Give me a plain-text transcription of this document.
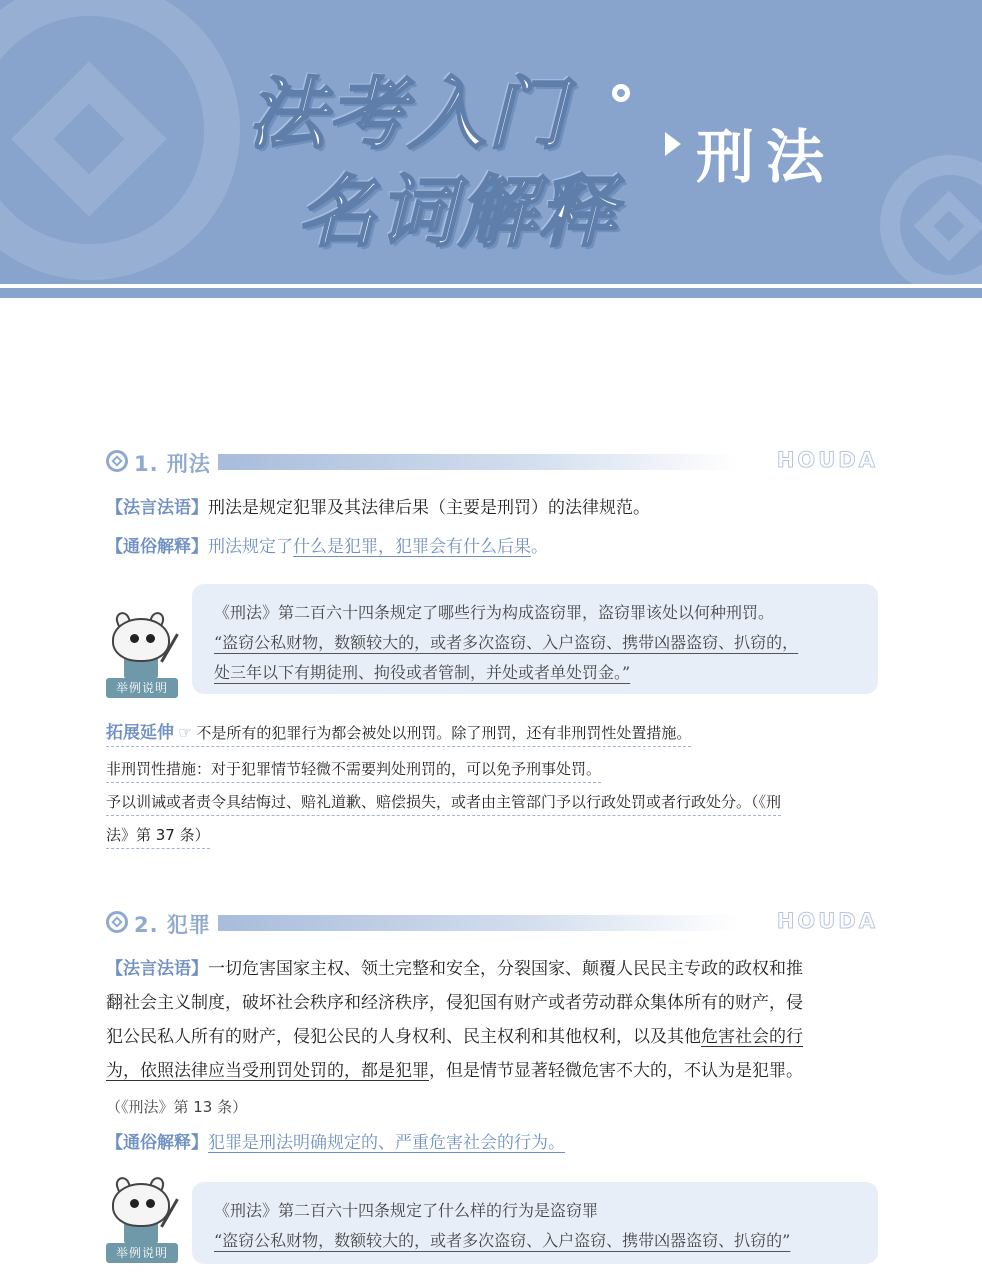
法考入门
名词解释
刑法
1. 刑法	HOUDA
【法言法语】刑法是规定犯罪及其法律后果（主要是刑罚）的法律规范。
【通俗解释】刑法规定了什么是犯罪，犯罪会有什么后果。
举例说明
《刑法》第二百六十四条规定了哪些行为构成盗窃罪，盗窃罪该处以何种刑罚。
“盗窃公私财物，数额较大的，或者多次盗窃、入户盗窃、携带凶器盗窃、扒窃的，
处三年以下有期徒刑、拘役或者管制，并处或者单处罚金。”
拓展延伸 ☞ 不是所有的犯罪行为都会被处以刑罚。除了刑罚，还有非刑罚性处置措施。
非刑罚性措施：对于犯罪情节轻微不需要判处刑罚的，可以免予刑事处罚。
予以训诫或者责令具结悔过、赔礼道歉、赔偿损失，或者由主管部门予以行政处罚或者行政处分。（《刑
法》第 37 条）
2. 犯罪	HOUDA
【法言法语】一切危害国家主权、领土完整和安全，分裂国家、颠覆人民民主专政的政权和推
翻社会主义制度，破坏社会秩序和经济秩序，侵犯国有财产或者劳动群众集体所有的财产，侵
犯公民私人所有的财产，侵犯公民的人身权利、民主权利和其他权利，以及其他危害社会的行
为，依照法律应当受刑罚处罚的，都是犯罪，但是情节显著轻微危害不大的，不认为是犯罪。
（《刑法》第 13 条）
【通俗解释】犯罪是刑法明确规定的、严重危害社会的行为。
举例说明
《刑法》第二百六十四条规定了什么样的行为是盗窃罪
“盗窃公私财物，数额较大的，或者多次盗窃、入户盗窃、携带凶器盗窃、扒窃的”
